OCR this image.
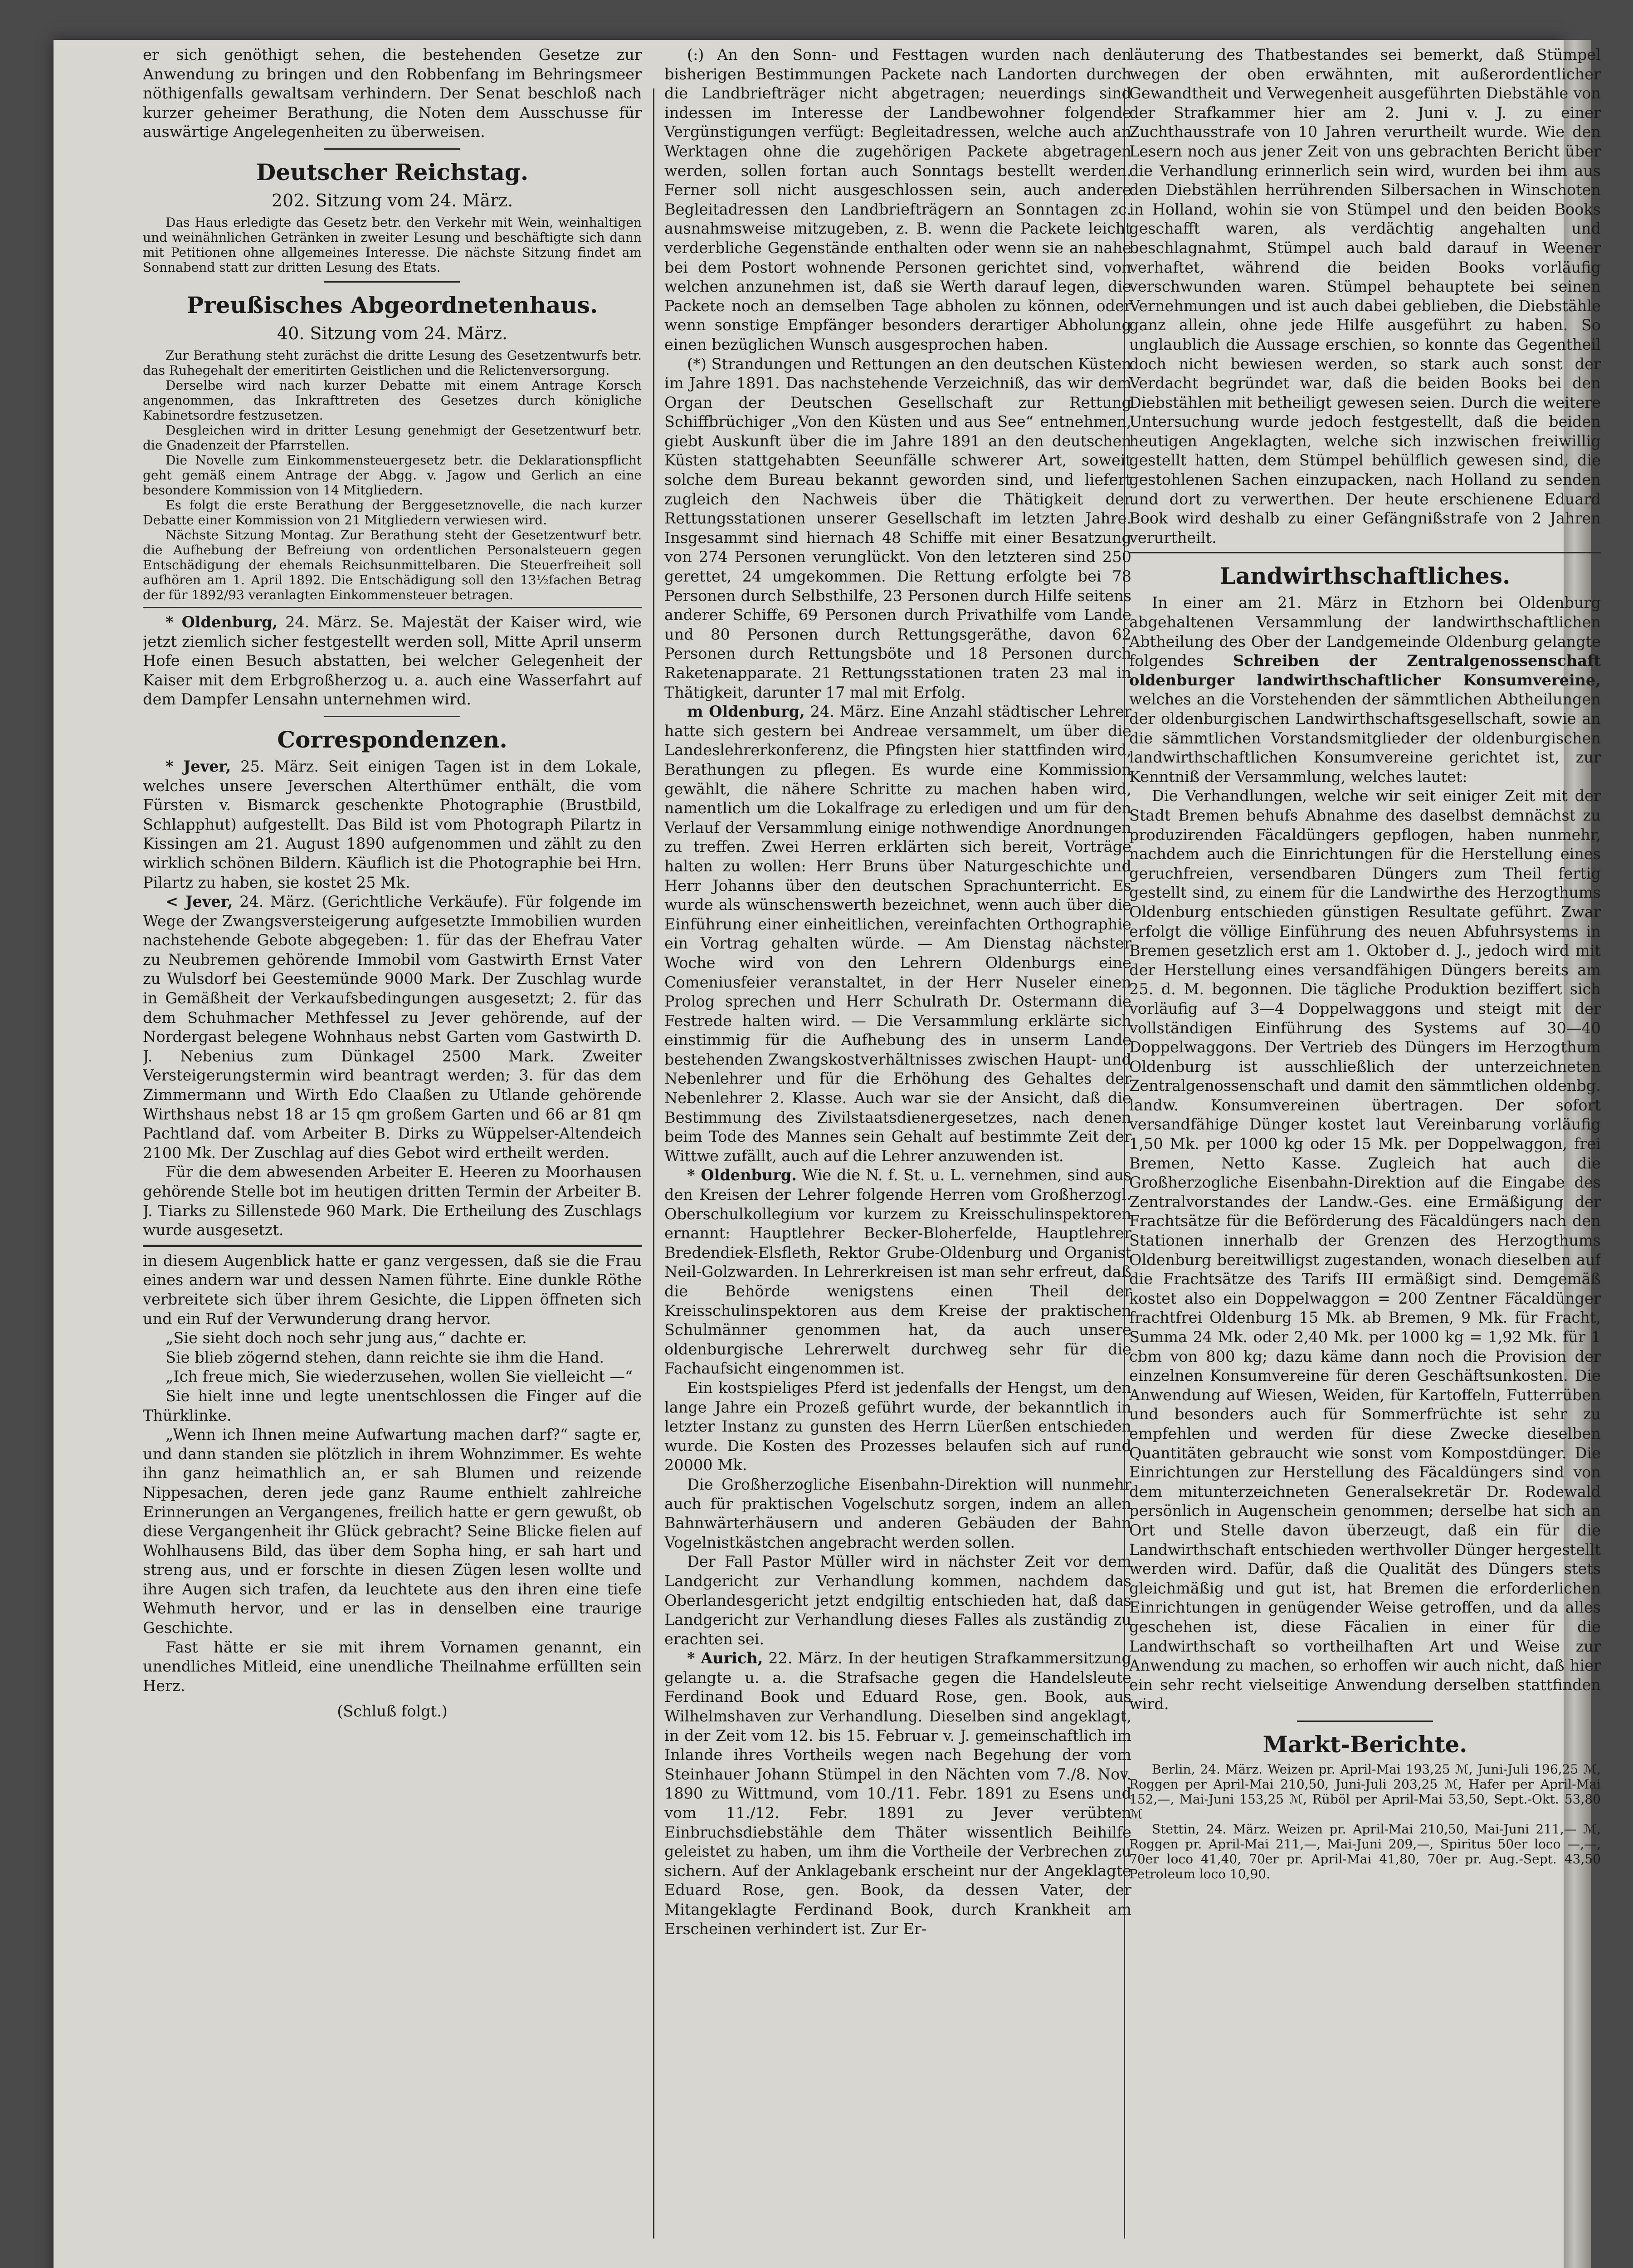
er sich genöthigt sehen, die bestehenden Gesetze zur Anwendung zu bringen und den Robbenfang im Behringsmeer nöthigenfalls gewaltsam verhindern. Der Senat beschloß nach kurzer geheimer Berathung, die Noten dem Ausschusse für auswärtige Angelegenheiten zu überweisen.

Deutscher Reichstag.
202. Sitzung vom 24. März.

Das Haus erledigte das Gesetz betr. den Verkehr mit Wein, weinhaltigen und weinähnlichen Getränken in zweiter Lesung und beschäftigte sich dann mit Petitionen ohne allgemeines Interesse. Die nächste Sitzung findet am Sonnabend statt zur dritten Lesung des Etats.

Preußisches Abgeordnetenhaus.
40. Sitzung vom 24. März.

Zur Berathung steht zurächst die dritte Lesung des Gesetzentwurfs betr. das Ruhegehalt der emeritirten Geistlichen und die Relictenversorgung.

Derselbe wird nach kurzer Debatte mit einem Antrage Korsch angenommen, das Inkrafttreten des Gesetzes durch königliche Kabinetsordre festzusetzen.

Desgleichen wird in dritter Lesung genehmigt der Gesetzentwurf betr. die Gnadenzeit der Pfarrstellen.

Die Novelle zum Einkommensteuergesetz betr. die Deklarationspflicht geht gemäß einem Antrage der Abgg. v. Jagow und Gerlich an eine besondere Kommission von 14 Mitgliedern.

Es folgt die erste Berathung der Berggesetznovelle, die nach kurzer Debatte einer Kommission von 21 Mitgliedern verwiesen wird.

Nächste Sitzung Montag. Zur Berathung steht der Gesetzentwurf betr. die Aufhebung der Befreiung von ordentlichen Personalsteuern gegen Entschädigung der ehemals Reichsunmittelbaren. Die Steuerfreiheit soll aufhören am 1. April 1892. Die Entschädigung soll den 13½fachen Betrag der für 1892/93 veranlagten Einkommensteuer betragen.

* Oldenburg, 24. März. Se. Majestät der Kaiser wird, wie jetzt ziemlich sicher festgestellt werden soll, Mitte April unserm Hofe einen Besuch abstatten, bei welcher Gelegenheit der Kaiser mit dem Erbgroßherzog u. a. auch eine Wasserfahrt auf dem Dampfer Lensahn unternehmen wird.

Correspondenzen.

* Jever, 25. März. Seit einigen Tagen ist in dem Lokale, welches unsere Jeverschen Alterthümer enthält, die vom Fürsten v. Bismarck geschenkte Photographie (Brustbild, Schlapphut) aufgestellt. Das Bild ist vom Photograph Pilartz in Kissingen am 21. August 1890 aufgenommen und zählt zu den wirklich schönen Bildern. Käuflich ist die Photographie bei Hrn. Pilartz zu haben, sie kostet 25 Mk.

< Jever, 24. März. (Gerichtliche Verkäufe). Für folgende im Wege der Zwangsversteigerung aufgesetzte Immobilien wurden nachstehende Gebote abgegeben: 1. für das der Ehefrau Vater zu Neubremen gehörende Immobil vom Gastwirth Ernst Vater zu Wulsdorf bei Geestemünde 9000 Mark. Der Zuschlag wurde in Gemäßheit der Verkaufsbedingungen ausgesetzt; 2. für das dem Schuhmacher Methfessel zu Jever gehörende, auf der Nordergast belegene Wohnhaus nebst Garten vom Gastwirth D. J. Nebenius zum Dünkagel 2500 Mark. Zweiter Versteigerungstermin wird beantragt werden; 3. für das dem Zimmermann und Wirth Edo Claaßen zu Utlande gehörende Wirthshaus nebst 18 ar 15 qm großem Garten und 66 ar 81 qm Pachtland daf. vom Arbeiter B. Dirks zu Wüppelser-Altendeich 2100 Mk. Der Zuschlag auf dies Gebot wird ertheilt werden.

Für die dem abwesenden Arbeiter E. Heeren zu Moorhausen gehörende Stelle bot im heutigen dritten Termin der Arbeiter B. J. Tiarks zu Sillenstede 960 Mark. Die Ertheilung des Zuschlags wurde ausgesetzt.

in diesem Augenblick hatte er ganz vergessen, daß sie die Frau eines andern war und dessen Namen führte. Eine dunkle Röthe verbreitete sich über ihrem Gesichte, die Lippen öffneten sich und ein Ruf der Verwunderung drang hervor.

„Sie sieht doch noch sehr jung aus,“ dachte er.

Sie blieb zögernd stehen, dann reichte sie ihm die Hand.

„Ich freue mich, Sie wiederzusehen, wollen Sie vielleicht —“

Sie hielt inne und legte unentschlossen die Finger auf die Thürklinke.

„Wenn ich Ihnen meine Aufwartung machen darf?“ sagte er, und dann standen sie plötzlich in ihrem Wohnzimmer. Es wehte ihn ganz heimathlich an, er sah Blumen und reizende Nippesachen, deren jede ganz Raume enthielt zahlreiche Erinnerungen an Vergangenes, freilich hatte er gern gewußt, ob diese Vergangenheit ihr Glück gebracht? Seine Blicke fielen auf Wohlhausens Bild, das über dem Sopha hing, er sah hart und streng aus, und er forschte in diesen Zügen lesen wollte und ihre Augen sich trafen, da leuchtete aus den ihren eine tiefe Wehmuth hervor, und er las in denselben eine traurige Geschichte.

Fast hätte er sie mit ihrem Vornamen genannt, ein unendliches Mitleid, eine unendliche Theilnahme erfüllten sein Herz.

(Schluß folgt.)

(:) An den Sonn- und Festtagen wurden nach den bisherigen Bestimmungen Packete nach Landorten durch die Landbriefträger nicht abgetragen; neuerdings sind indessen im Interesse der Landbewohner folgende Vergünstigungen verfügt: Begleitadressen, welche auch an Werktagen ohne die zugehörigen Packete abgetragen werden, sollen fortan auch Sonntags bestellt werden. Ferner soll nicht ausgeschlossen sein, auch andere Begleitadressen den Landbriefträgern an Sonntagen zc. ausnahmsweise mitzugeben, z. B. wenn die Packete leicht verderbliche Gegenstände enthalten oder wenn sie an nahe bei dem Postort wohnende Personen gerichtet sind, von welchen anzunehmen ist, daß sie Werth darauf legen, die Packete noch an demselben Tage abholen zu können, oder wenn sonstige Empfänger besonders derartiger Abholung einen bezüglichen Wunsch ausgesprochen haben.

(*) Strandungen und Rettungen an den deutschen Küsten im Jahre 1891. Das nachstehende Verzeichniß, das wir dem Organ der Deutschen Gesellschaft zur Rettung Schiffbrüchiger „Von den Küsten und aus See“ entnehmen, giebt Auskunft über die im Jahre 1891 an den deutschen Küsten stattgehabten Seeunfälle schwerer Art, soweit solche dem Bureau bekannt geworden sind, und liefert zugleich den Nachweis über die Thätigkeit der Rettungsstationen unserer Gesellschaft im letzten Jahre. Insgesammt sind hiernach 48 Schiffe mit einer Besatzung von 274 Personen verunglückt. Von den letzteren sind 250 gerettet, 24 umgekommen. Die Rettung erfolgte bei 78 Personen durch Selbsthilfe, 23 Personen durch Hilfe seitens anderer Schiffe, 69 Personen durch Privathilfe vom Lande und 80 Personen durch Rettungsgeräthe, davon 62 Personen durch Rettungsböte und 18 Personen durch Raketenapparate. 21 Rettungsstationen traten 23 mal in Thätigkeit, darunter 17 mal mit Erfolg.

m Oldenburg, 24. März. Eine Anzahl städtischer Lehrer hatte sich gestern bei Andreae versammelt, um über die Landeslehrerkonferenz, die Pfingsten hier stattfinden wird, Berathungen zu pflegen. Es wurde eine Kommission gewählt, die nähere Schritte zu machen haben wird, namentlich um die Lokalfrage zu erledigen und um für den Verlauf der Versammlung einige nothwendige Anordnungen zu treffen. Zwei Herren erklärten sich bereit, Vorträge halten zu wollen: Herr Bruns über Naturgeschichte und Herr Johanns über den deutschen Sprachunterricht. Es wurde als wünschenswerth bezeichnet, wenn auch über die Einführung einer einheitlichen, vereinfachten Orthographie ein Vortrag gehalten würde. — Am Dienstag nächster Woche wird von den Lehrern Oldenburgs eine Comeniusfeier veranstaltet, in der Herr Nuseler einen Prolog sprechen und Herr Schulrath Dr. Ostermann die Festrede halten wird. — Die Versammlung erklärte sich einstimmig für die Aufhebung des in unserm Lande bestehenden Zwangskostverhältnisses zwischen Haupt- und Nebenlehrer und für die Erhöhung des Gehaltes der Nebenlehrer 2. Klasse. Auch war sie der Ansicht, daß die Bestimmung des Zivilstaatsdienergesetzes, nach denen beim Tode des Mannes sein Gehalt auf bestimmte Zeit der Wittwe zufällt, auch auf die Lehrer anzuwenden ist.

* Oldenburg. Wie die N. f. St. u. L. vernehmen, sind aus den Kreisen der Lehrer folgende Herren vom Großherzogl. Oberschulkollegium vor kurzem zu Kreisschulinspektoren ernannt: Hauptlehrer Becker-Bloherfelde, Hauptlehrer Bredendiek-Elsfleth, Rektor Grube-Oldenburg und Organist Neil-Golzwarden. In Lehrerkreisen ist man sehr erfreut, daß die Behörde wenigstens einen Theil der Kreisschulinspektoren aus dem Kreise der praktischen Schulmänner genommen hat, da auch unsere oldenburgische Lehrerwelt durchweg sehr für die Fachaufsicht eingenommen ist.

Ein kostspieliges Pferd ist jedenfalls der Hengst, um den lange Jahre ein Prozeß geführt wurde, der bekanntlich in letzter Instanz zu gunsten des Herrn Lüerßen entschieden wurde. Die Kosten des Prozesses belaufen sich auf rund 20000 Mk.

Die Großherzogliche Eisenbahn-Direktion will nunmehr auch für praktischen Vogelschutz sorgen, indem an allen Bahnwärterhäusern und anderen Gebäuden der Bahn Vogelnistkästchen angebracht werden sollen.

Der Fall Pastor Müller wird in nächster Zeit vor dem Landgericht zur Verhandlung kommen, nachdem das Oberlandesgericht jetzt endgiltig entschieden hat, daß das Landgericht zur Verhandlung dieses Falles als zuständig zu erachten sei.

* Aurich, 22. März. In der heutigen Strafkammersitzung gelangte u. a. die Strafsache gegen die Handelsleute Ferdinand Book und Eduard Rose, gen. Book, aus Wilhelmshaven zur Verhandlung. Dieselben sind angeklagt, in der Zeit vom 12. bis 15. Februar v. J. gemeinschaftlich im Inlande ihres Vortheils wegen nach Begehung der vom Steinhauer Johann Stümpel in den Nächten vom 7./8. Nov. 1890 zu Wittmund, vom 10./11. Febr. 1891 zu Esens und vom 11./12. Febr. 1891 zu Jever verübten Einbruchsdiebstähle dem Thäter wissentlich Beihilfe geleistet zu haben, um ihm die Vortheile der Verbrechen zu sichern. Auf der Anklagebank erscheint nur der Angeklagte Eduard Rose, gen. Book, da dessen Vater, der Mitangeklagte Ferdinand Book, durch Krankheit am Erscheinen verhindert ist. Zur Er-

läuterung des Thatbestandes sei bemerkt, daß Stümpel wegen der oben erwähnten, mit außerordentlicher Gewandtheit und Verwegenheit ausgeführten Diebstähle von der Strafkammer hier am 2. Juni v. J. zu einer Zuchthausstrafe von 10 Jahren verurtheilt wurde. Wie den Lesern noch aus jener Zeit von uns gebrachten Bericht über die Verhandlung erinnerlich sein wird, wurden bei ihm aus den Diebstählen herrührenden Silbersachen in Winschoten in Holland, wohin sie von Stümpel und den beiden Books geschafft waren, als verdächtig angehalten und beschlagnahmt, Stümpel auch bald darauf in Weener verhaftet, während die beiden Books vorläufig verschwunden waren. Stümpel behauptete bei seinen Vernehmungen und ist auch dabei geblieben, die Diebstähle ganz allein, ohne jede Hilfe ausgeführt zu haben. So unglaublich die Aussage erschien, so konnte das Gegentheil doch nicht bewiesen werden, so stark auch sonst der Verdacht begründet war, daß die beiden Books bei den Diebstählen mit betheiligt gewesen seien. Durch die weitere Untersuchung wurde jedoch festgestellt, daß die beiden heutigen Angeklagten, welche sich inzwischen freiwillig gestellt hatten, dem Stümpel behülflich gewesen sind, die gestohlenen Sachen einzupacken, nach Holland zu senden und dort zu verwerthen. Der heute erschienene Eduard Book wird deshalb zu einer Gefängnißstrafe von 2 Jahren verurtheilt.

Landwirthschaftliches.

In einer am 21. März in Etzhorn bei Oldenburg abgehaltenen Versammlung der landwirthschaftlichen Abtheilung des Ober der Landgemeinde Oldenburg gelangte folgendes Schreiben der Zentralgenossenschaft oldenburger landwirthschaftlicher Konsumvereine, welches an die Vorstehenden der sämmtlichen Abtheilungen der oldenburgischen Landwirthschaftsgesellschaft, sowie an die sämmtlichen Vorstandsmitglieder der oldenburgischen landwirthschaftlichen Konsumvereine gerichtet ist, zur Kenntniß der Versammlung, welches lautet:

Die Verhandlungen, welche wir seit einiger Zeit mit der Stadt Bremen behufs Abnahme des daselbst demnächst zu produzirenden Fäcaldüngers gepflogen, haben nunmehr, nachdem auch die Einrichtungen für die Herstellung eines geruchfreien, versendbaren Düngers zum Theil fertig gestellt sind, zu einem für die Landwirthe des Herzogthums Oldenburg entschieden günstigen Resultate geführt. Zwar erfolgt die völlige Einführung des neuen Abfuhrsystems in Bremen gesetzlich erst am 1. Oktober d. J., jedoch wird mit der Herstellung eines versandfähigen Düngers bereits am 25. d. M. begonnen. Die tägliche Produktion beziffert sich vorläufig auf 3—4 Doppelwaggons und steigt mit der vollständigen Einführung des Systems auf 30—40 Doppelwaggons. Der Vertrieb des Düngers im Herzogthum Oldenburg ist ausschließlich der unterzeichneten Zentralgenossenschaft und damit den sämmtlichen oldenbg. landw. Konsumvereinen übertragen. Der sofort versandfähige Dünger kostet laut Vereinbarung vorläufig 1,50 Mk. per 1000 kg oder 15 Mk. per Doppelwaggon, frei Bremen, Netto Kasse. Zugleich hat auch die Großherzogliche Eisenbahn-Direktion auf die Eingabe des Zentralvorstandes der Landw.-Ges. eine Ermäßigung der Frachtsätze für die Beförderung des Fäcaldüngers nach den Stationen innerhalb der Grenzen des Herzogthums Oldenburg bereitwilligst zugestanden, wonach dieselben auf die Frachtsätze des Tarifs III ermäßigt sind. Demgemäß kostet also ein Doppelwaggon = 200 Zentner Fäcaldünger frachtfrei Oldenburg 15 Mk. ab Bremen, 9 Mk. für Fracht, Summa 24 Mk. oder 2,40 Mk. per 1000 kg = 1,92 Mk. für 1 cbm von 800 kg; dazu käme dann noch die Provision der einzelnen Konsumvereine für deren Geschäftsunkosten. Die Anwendung auf Wiesen, Weiden, für Kartoffeln, Futterrüben und besonders auch für Sommerfrüchte ist sehr zu empfehlen und werden für diese Zwecke dieselben Quantitäten gebraucht wie sonst vom Kompostdünger. Die Einrichtungen zur Herstellung des Fäcaldüngers sind von dem mitunterzeichneten Generalsekretär Dr. Rodewald persönlich in Augenschein genommen; derselbe hat sich an Ort und Stelle davon überzeugt, daß ein für die Landwirthschaft entschieden werthvoller Dünger hergestellt werden wird. Dafür, daß die Qualität des Düngers stets gleichmäßig und gut ist, hat Bremen die erforderlichen Einrichtungen in genügender Weise getroffen, und da alles geschehen ist, diese Fäcalien in einer für die Landwirthschaft so vortheilhaften Art und Weise zur Anwendung zu machen, so erhoffen wir auch nicht, daß hier ein sehr recht vielseitige Anwendung derselben stattfinden wird.

Markt-Berichte.

Berlin, 24. März. Weizen pr. April-Mai 193,25 ℳ, Juni-Juli 196,25 ℳ, Roggen per April-Mai 210,50, Juni-Juli 203,25 ℳ, Hafer per April-Mai 152,—, Mai-Juni 153,25 ℳ, Rüböl per April-Mai 53,50, Sept.-Okt. 53,80 ℳ

Stettin, 24. März. Weizen pr. April-Mai 210,50, Mai-Juni 211,— ℳ, Roggen pr. April-Mai 211,—, Mai-Juni 209,—, Spiritus 50er loco —,—, 70er loco 41,40, 70er pr. April-Mai 41,80, 70er pr. Aug.-Sept. 43,50 Petroleum loco 10,90.
